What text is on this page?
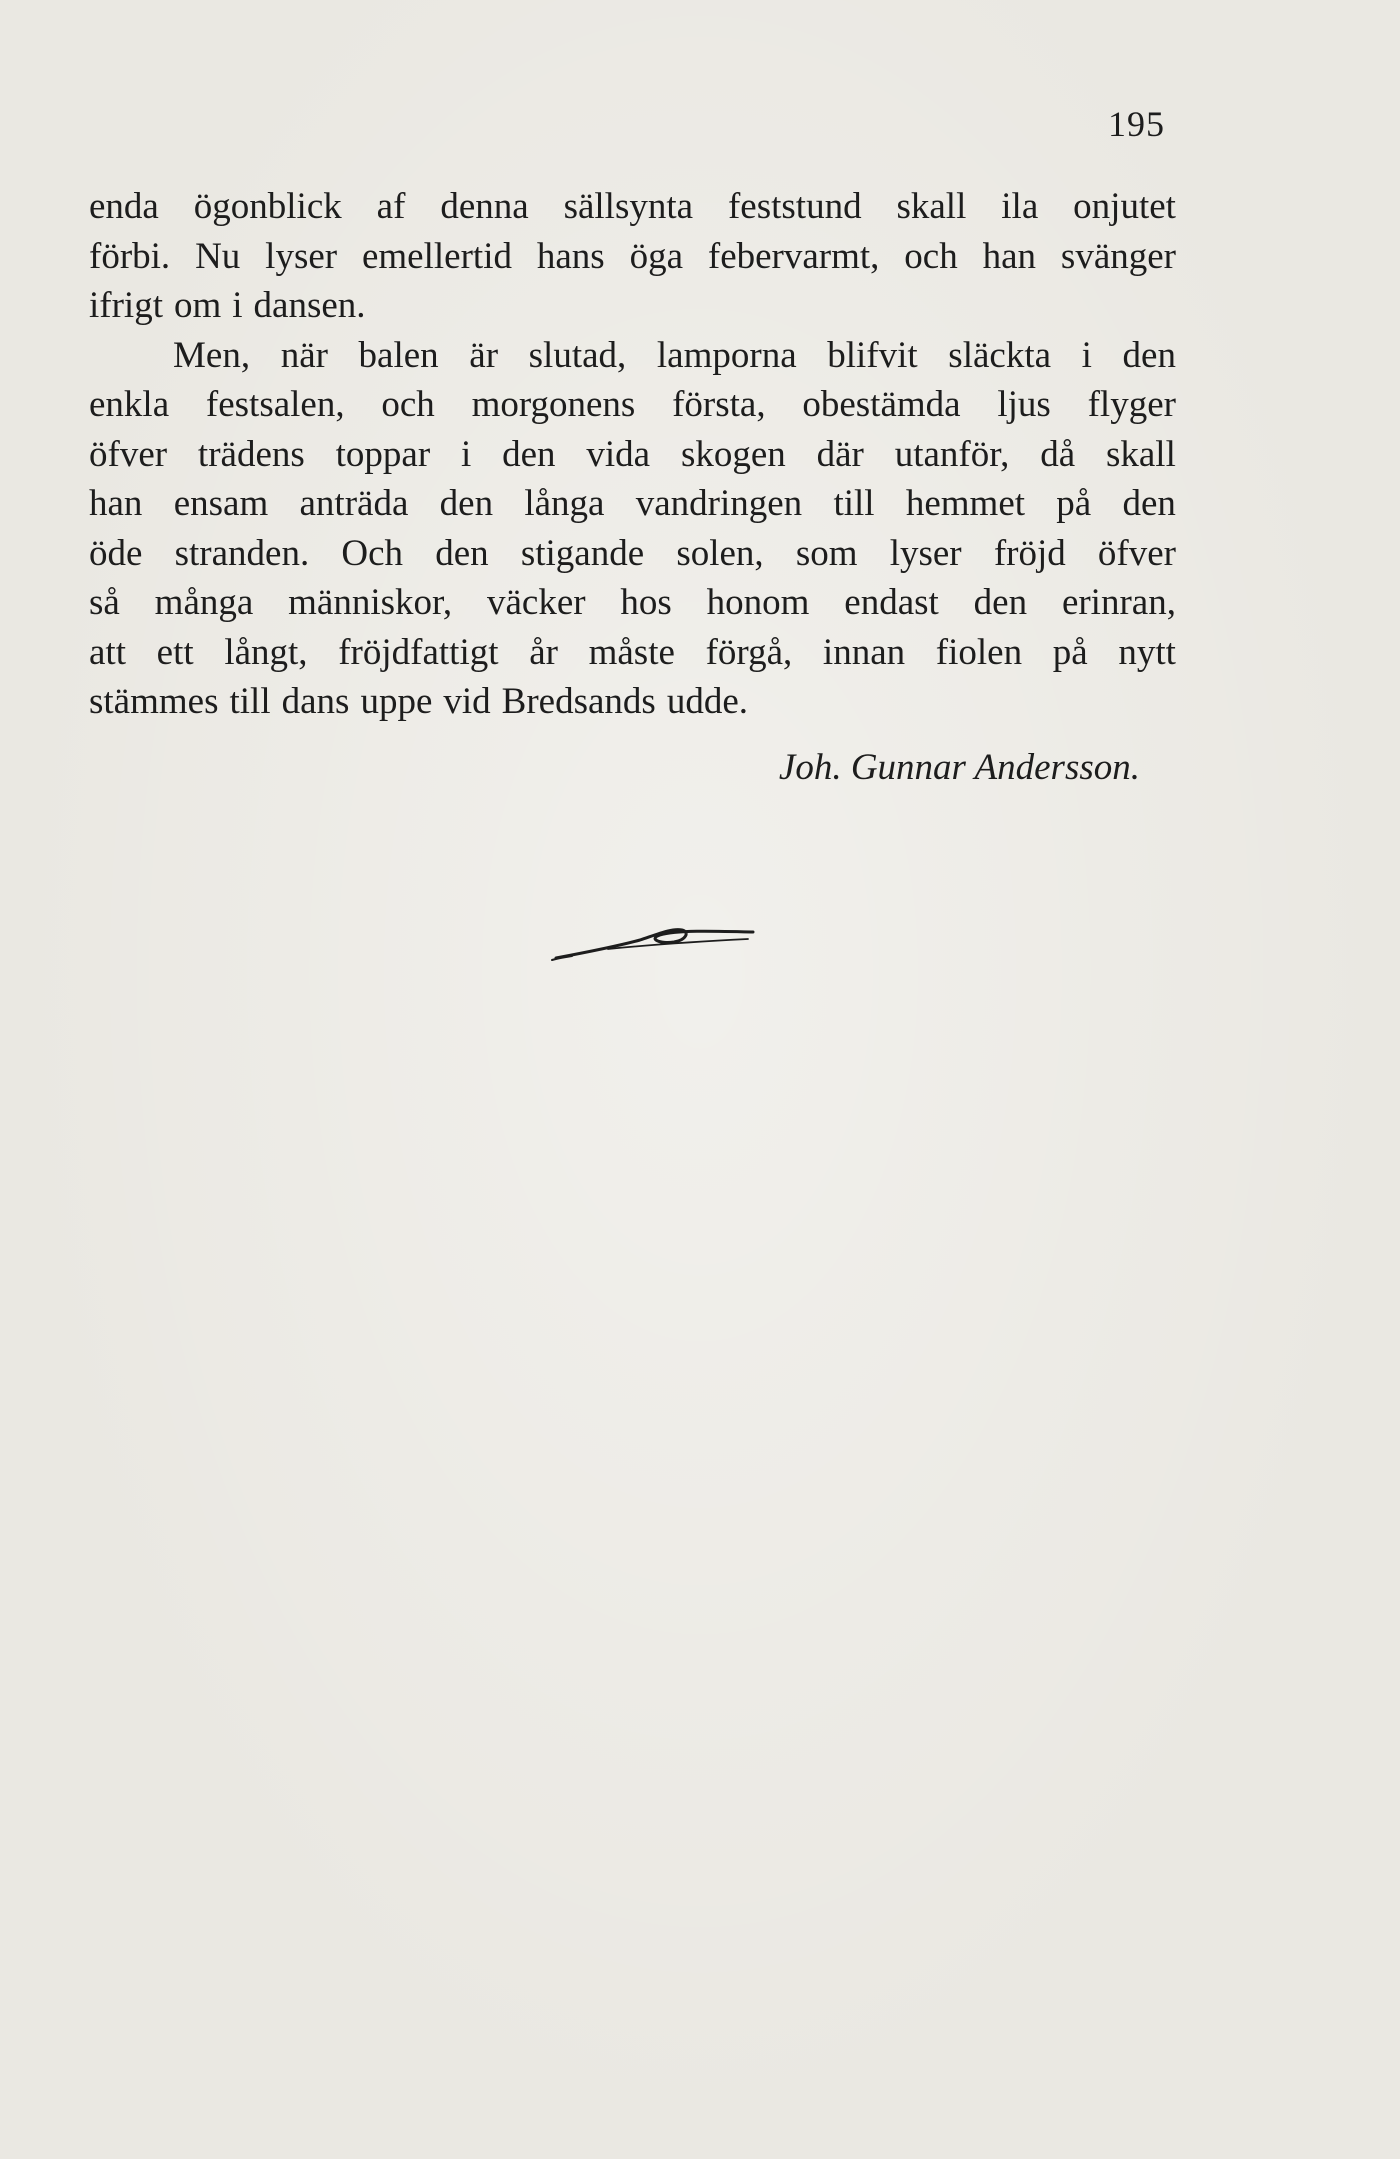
195
enda ögonblick af denna sällsynta feststund skall ila onjutet
förbi. Nu lyser emellertid hans öga febervarmt, och han svänger
ifrigt om i dansen.
Men, när balen är slutad, lamporna blifvit släckta i den
enkla festsalen, och morgonens första, obestämda ljus flyger
öfver trädens toppar i den vida skogen där utanför, då skall
han ensam anträda den långa vandringen till hemmet på den
öde stranden. Och den stigande solen, som lyser fröjd öfver
så många människor, väcker hos honom endast den erinran,
att ett långt, fröjdfattigt år måste förgå, innan fiolen på nytt
stämmes till dans uppe vid Bredsands udde.
Joh. Gunnar Andersson.
